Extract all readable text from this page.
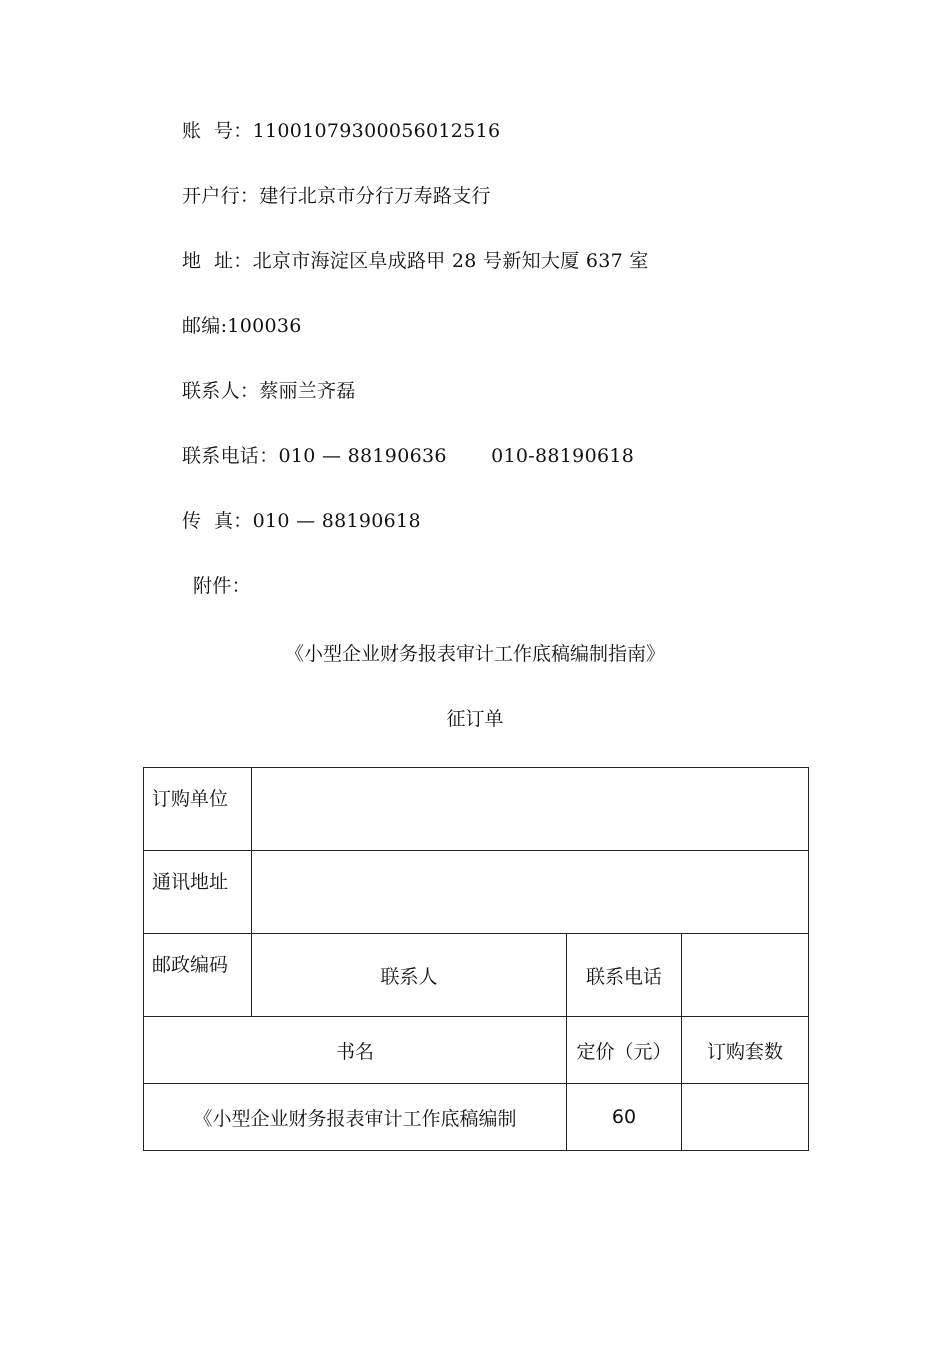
账  号：11001079300056012516
开户行：建行北京市分行万寿路支行
地  址：北京市海淀区阜成路甲 28 号新知大厦 637 室
邮编:100036
联系人：蔡丽兰齐磊
联系电话：010 — 88190636       010-88190618
传  真：010 — 88190618
附件：
《小型企业财务报表审计工作底稿编制指南》
征订单
订购单位			
通讯地址			
邮政编码	联系人	联系电话	
书名		定价（元）	订购套数
《小型企业财务报表审计工作底稿编制		60	
